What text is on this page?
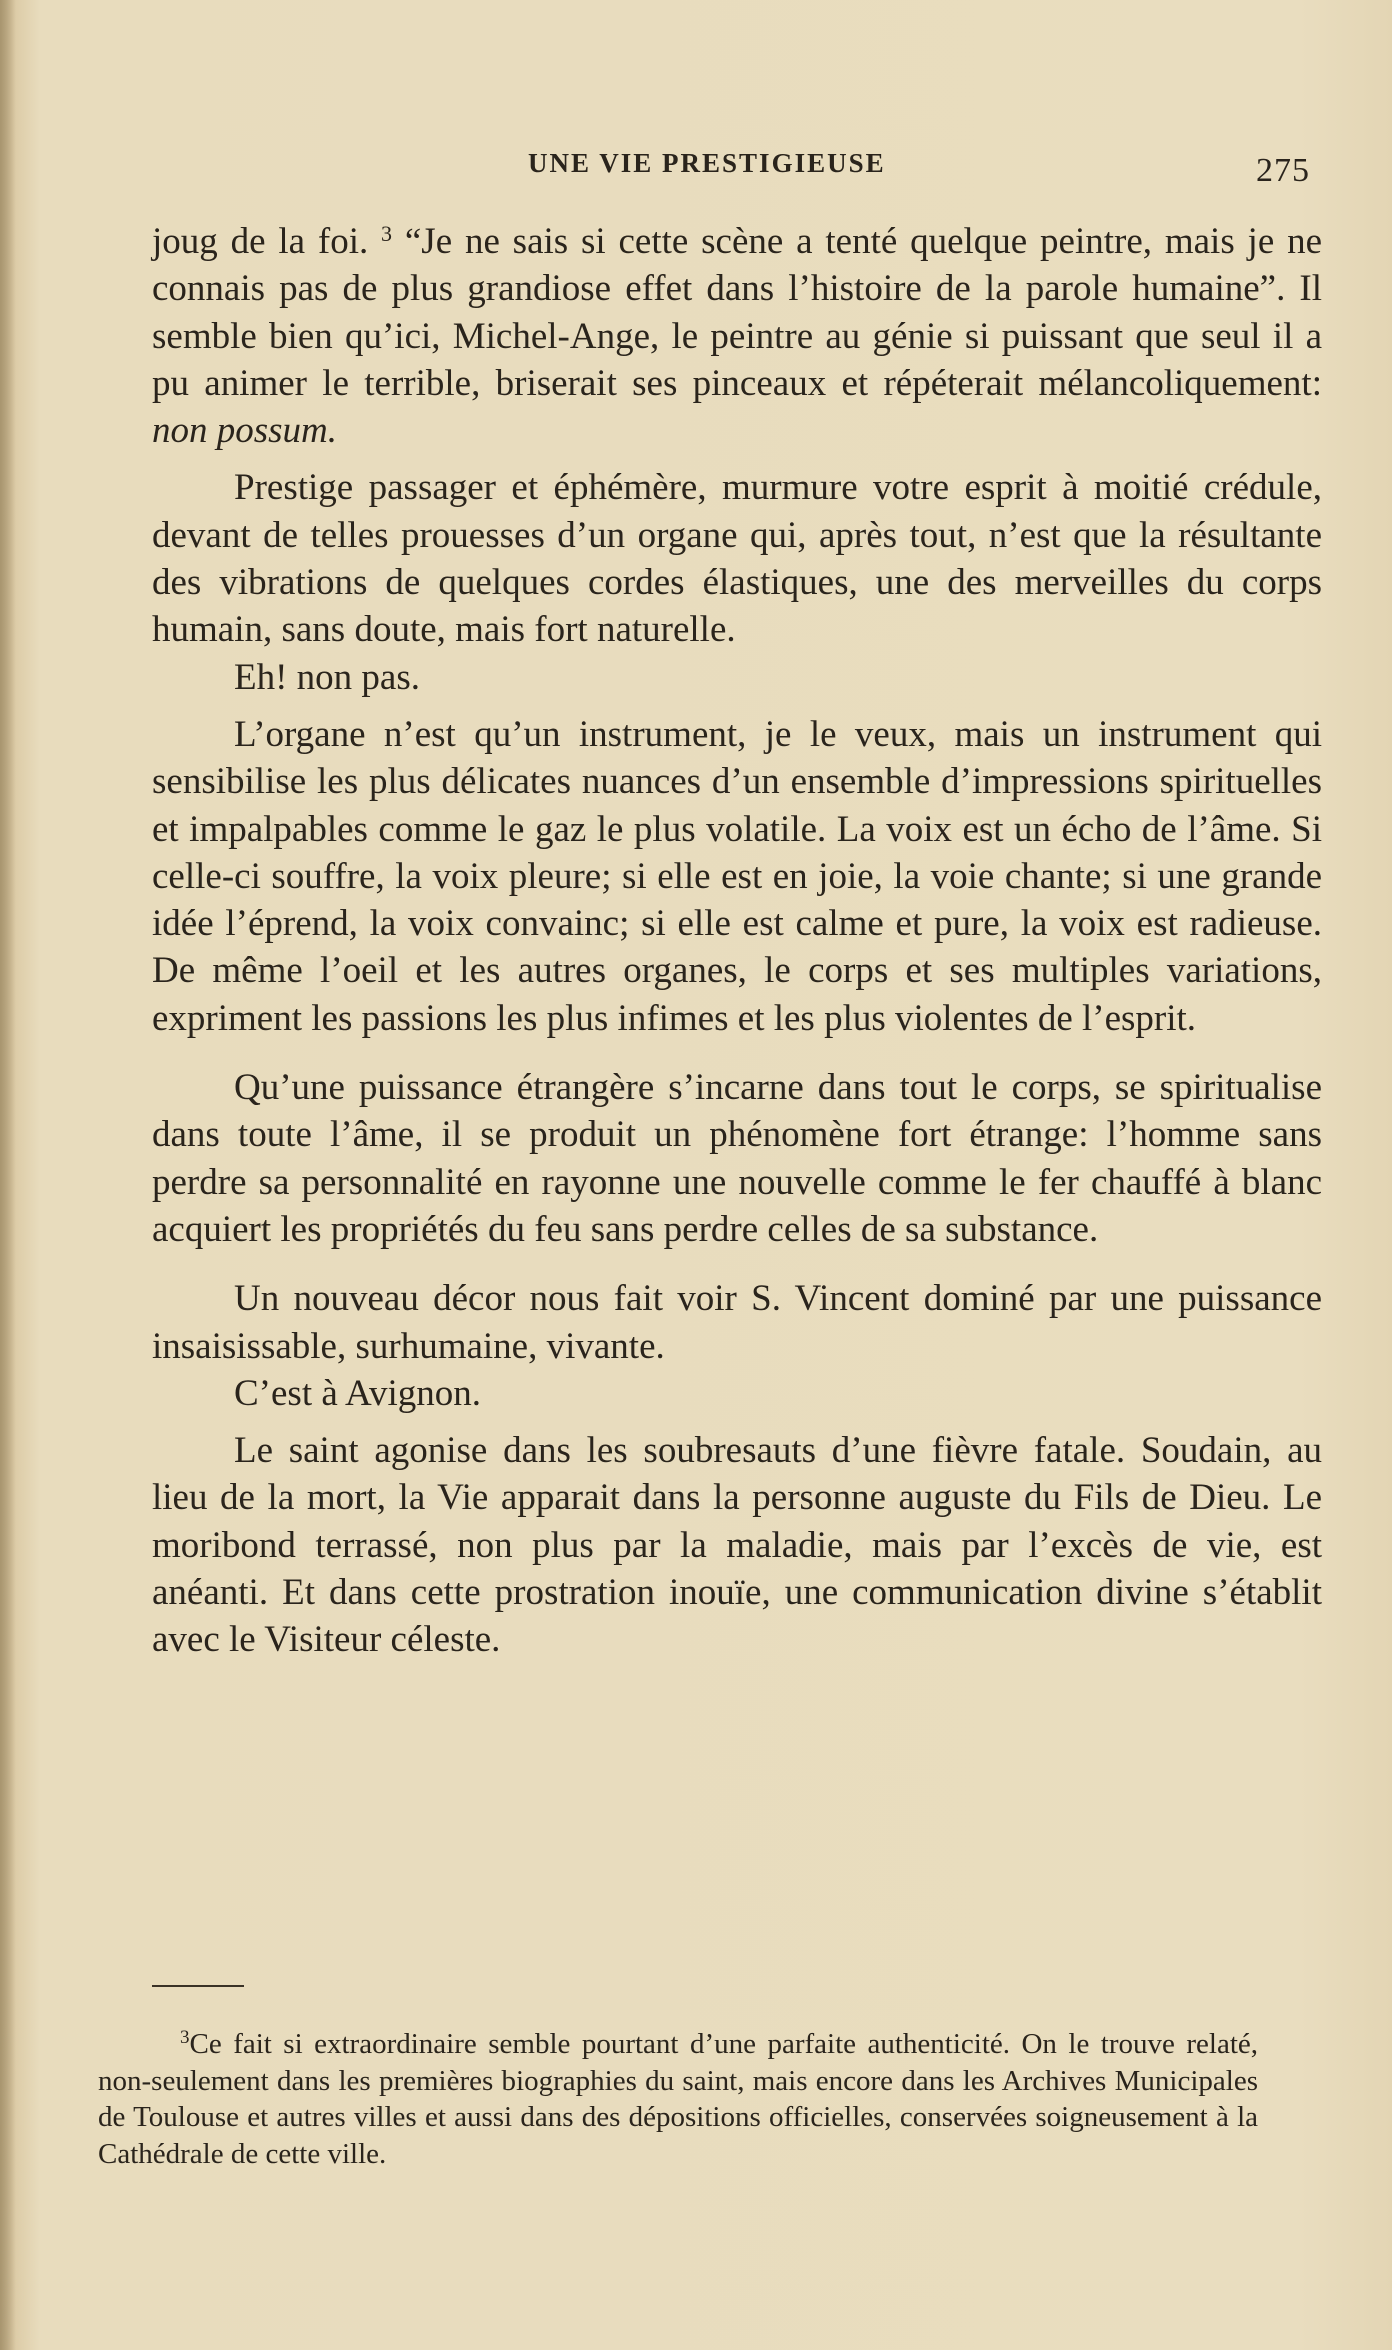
UNE VIE PRESTIGIEUSE	275

joug de la foi. $^3$ “Je ne sais si cette scène a tenté quelque peintre, mais je ne connais pas de plus grandiose effet dans l’histoire de la parole humaine”. Il semble bien qu’ici, Michel-Ange, le peintre au génie si puissant que seul il a pu animer le terrible, briserait ses pinceaux et répéterait mélancoliquement: non possum.

Prestige passager et éphémère, murmure votre esprit à moitié crédule, devant de telles prouesses d’un organe qui, après tout, n’est que la résultante des vibrations de quelques cordes élastiques, une des merveilles du corps humain, sans doute, mais fort naturelle.

Eh! non pas.

L’organe n’est qu’un instrument, je le veux, mais un instrument qui sensibilise les plus délicates nuances d’un ensemble d’impressions spirituelles et impalpables comme le gaz le plus volatile. La voix est un écho de l’âme. Si celle-ci souffre, la voix pleure; si elle est en joie, la voie chante; si une grande idée l’éprend, la voix convainc; si elle est calme et pure, la voix est radieuse. De même l’oeil et les autres organes, le corps et ses multiples variations, expriment les passions les plus infimes et les plus violentes de l’esprit.

Qu’une puissance étrangère s’incarne dans tout le corps, se spiritualise dans toute l’âme, il se produit un phénomène fort étrange: l’homme sans perdre sa personnalité en rayonne une nouvelle comme le fer chauffé à blanc acquiert les propriétés du feu sans perdre celles de sa substance.

Un nouveau décor nous fait voir S. Vincent dominé par une puissance insaisissable, surhumaine, vivante.

C’est à Avignon.

Le saint agonise dans les soubresauts d’une fièvre fatale. Soudain, au lieu de la mort, la Vie apparait dans la personne auguste du Fils de Dieu. Le moribond terrassé, non plus par la maladie, mais par l’excès de vie, est anéanti. Et dans cette prostration inouïe, une communication divine s’établit avec le Visiteur céleste.

$^3$Ce fait si extraordinaire semble pourtant d’une parfaite authenticité. On le trouve relaté, non-seulement dans les premières biographies du saint, mais encore dans les Archives Municipales de Toulouse et autres villes et aussi dans des dépositions officielles, conservées soigneusement à la Cathédrale de cette ville.
